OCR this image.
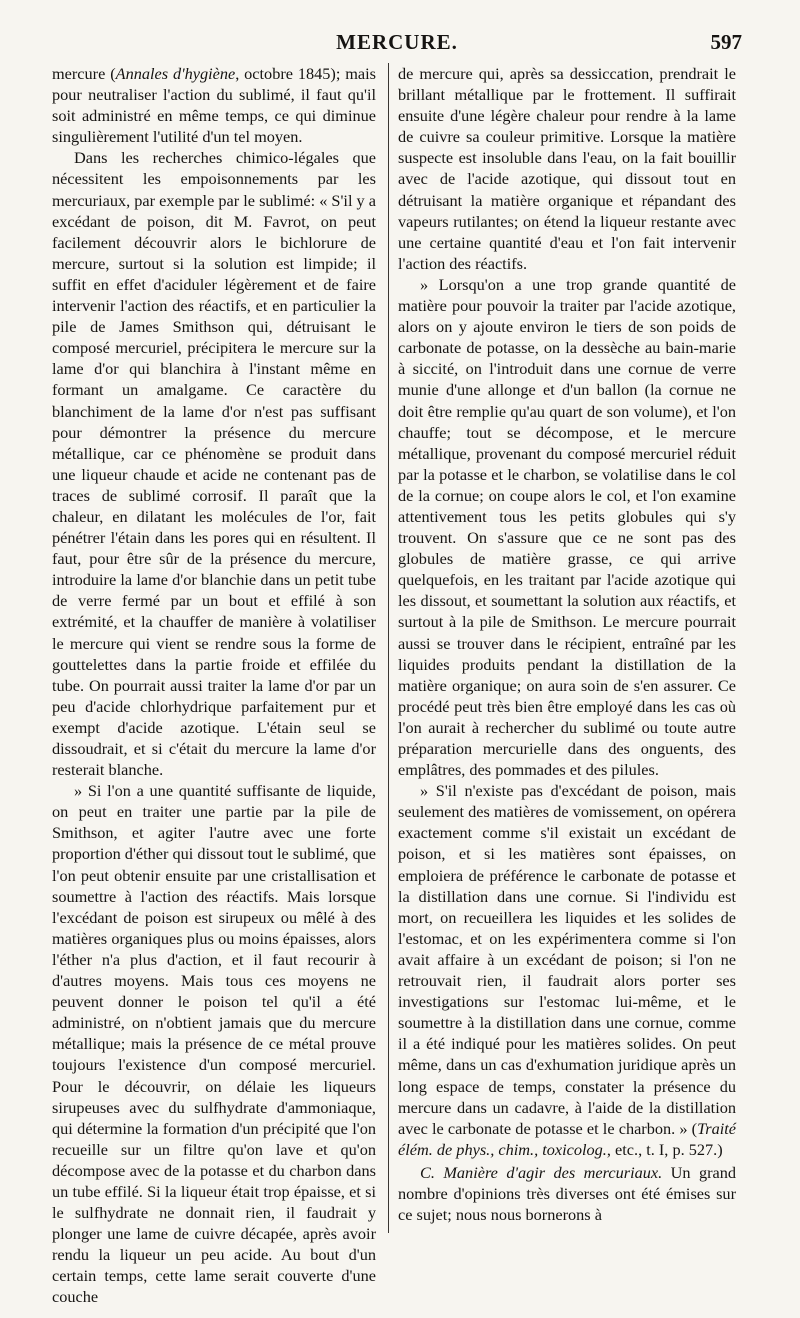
MERCURE.	597

mercure (Annales d'hygiène, octobre 1845); mais pour neutraliser l'action du sublimé, il faut qu'il soit administré en même temps, ce qui diminue singulièrement l'utilité d'un tel moyen.

Dans les recherches chimico-légales que nécessitent les empoisonnements par les mercuriaux, par exemple par le sublimé: « S'il y a excédant de poison, dit M. Favrot, on peut facilement découvrir alors le bichlorure de mercure, surtout si la solution est limpide; il suffit en effet d'aciduler légèrement et de faire intervenir l'action des réactifs, et en particulier la pile de James Smithson qui, détruisant le composé mercuriel, précipitera le mercure sur la lame d'or qui blanchira à l'instant même en formant un amalgame. Ce caractère du blanchiment de la lame d'or n'est pas suffisant pour démontrer la présence du mercure métallique, car ce phénomène se produit dans une liqueur chaude et acide ne contenant pas de traces de sublimé corrosif. Il paraît que la chaleur, en dilatant les molécules de l'or, fait pénétrer l'étain dans les pores qui en résultent. Il faut, pour être sûr de la présence du mercure, introduire la lame d'or blanchie dans un petit tube de verre fermé par un bout et effilé à son extrémité, et la chauffer de manière à volatiliser le mercure qui vient se rendre sous la forme de gouttelettes dans la partie froide et effilée du tube. On pourrait aussi traiter la lame d'or par un peu d'acide chlorhydrique parfaitement pur et exempt d'acide azotique. L'étain seul se dissoudrait, et si c'était du mercure la lame d'or resterait blanche.

» Si l'on a une quantité suffisante de liquide, on peut en traiter une partie par la pile de Smithson, et agiter l'autre avec une forte proportion d'éther qui dissout tout le sublimé, que l'on peut obtenir ensuite par une cristallisation et soumettre à l'action des réactifs. Mais lorsque l'excédant de poison est sirupeux ou mêlé à des matières organiques plus ou moins épaisses, alors l'éther n'a plus d'action, et il faut recourir à d'autres moyens. Mais tous ces moyens ne peuvent donner le poison tel qu'il a été administré, on n'obtient jamais que du mercure métallique; mais la présence de ce métal prouve toujours l'existence d'un composé mercuriel. Pour le découvrir, on délaie les liqueurs sirupeuses avec du sulfhydrate d'ammoniaque, qui détermine la formation d'un précipité que l'on recueille sur un filtre qu'on lave et qu'on décompose avec de la potasse et du charbon dans un tube effilé. Si la liqueur était trop épaisse, et si le sulfhydrate ne donnait rien, il faudrait y plonger une lame de cuivre décapée, après avoir rendu la liqueur un peu acide. Au bout d'un certain temps, cette lame serait couverte d'une couche

de mercure qui, après sa dessiccation, prendrait le brillant métallique par le frottement. Il suffirait ensuite d'une légère chaleur pour rendre à la lame de cuivre sa couleur primitive. Lorsque la matière suspecte est insoluble dans l'eau, on la fait bouillir avec de l'acide azotique, qui dissout tout en détruisant la matière organique et répandant des vapeurs rutilantes; on étend la liqueur restante avec une certaine quantité d'eau et l'on fait intervenir l'action des réactifs.

» Lorsqu'on a une trop grande quantité de matière pour pouvoir la traiter par l'acide azotique, alors on y ajoute environ le tiers de son poids de carbonate de potasse, on la dessèche au bain-marie à siccité, on l'introduit dans une cornue de verre munie d'une allonge et d'un ballon (la cornue ne doit être remplie qu'au quart de son volume), et l'on chauffe; tout se décompose, et le mercure métallique, provenant du composé mercuriel réduit par la potasse et le charbon, se volatilise dans le col de la cornue; on coupe alors le col, et l'on examine attentivement tous les petits globules qui s'y trouvent. On s'assure que ce ne sont pas des globules de matière grasse, ce qui arrive quelquefois, en les traitant par l'acide azotique qui les dissout, et soumettant la solution aux réactifs, et surtout à la pile de Smithson. Le mercure pourrait aussi se trouver dans le récipient, entraîné par les liquides produits pendant la distillation de la matière organique; on aura soin de s'en assurer. Ce procédé peut très bien être employé dans les cas où l'on aurait à rechercher du sublimé ou toute autre préparation mercurielle dans des onguents, des emplâtres, des pommades et des pilules.

» S'il n'existe pas d'excédant de poison, mais seulement des matières de vomissement, on opérera exactement comme s'il existait un excédant de poison, et si les matières sont épaisses, on emploiera de préférence le carbonate de potasse et la distillation dans une cornue. Si l'individu est mort, on recueillera les liquides et les solides de l'estomac, et on les expérimentera comme si l'on avait affaire à un excédant de poison; si l'on ne retrouvait rien, il faudrait alors porter ses investigations sur l'estomac lui-même, et le soumettre à la distillation dans une cornue, comme il a été indiqué pour les matières solides. On peut même, dans un cas d'exhumation juridique après un long espace de temps, constater la présence du mercure dans un cadavre, à l'aide de la distillation avec le carbonate de potasse et le charbon. » (Traité élém. de phys., chim., toxicolog., etc., t. I, p. 527.)

C. Manière d'agir des mercuriaux. Un grand nombre d'opinions très diverses ont été émises sur ce sujet; nous nous bornerons à
